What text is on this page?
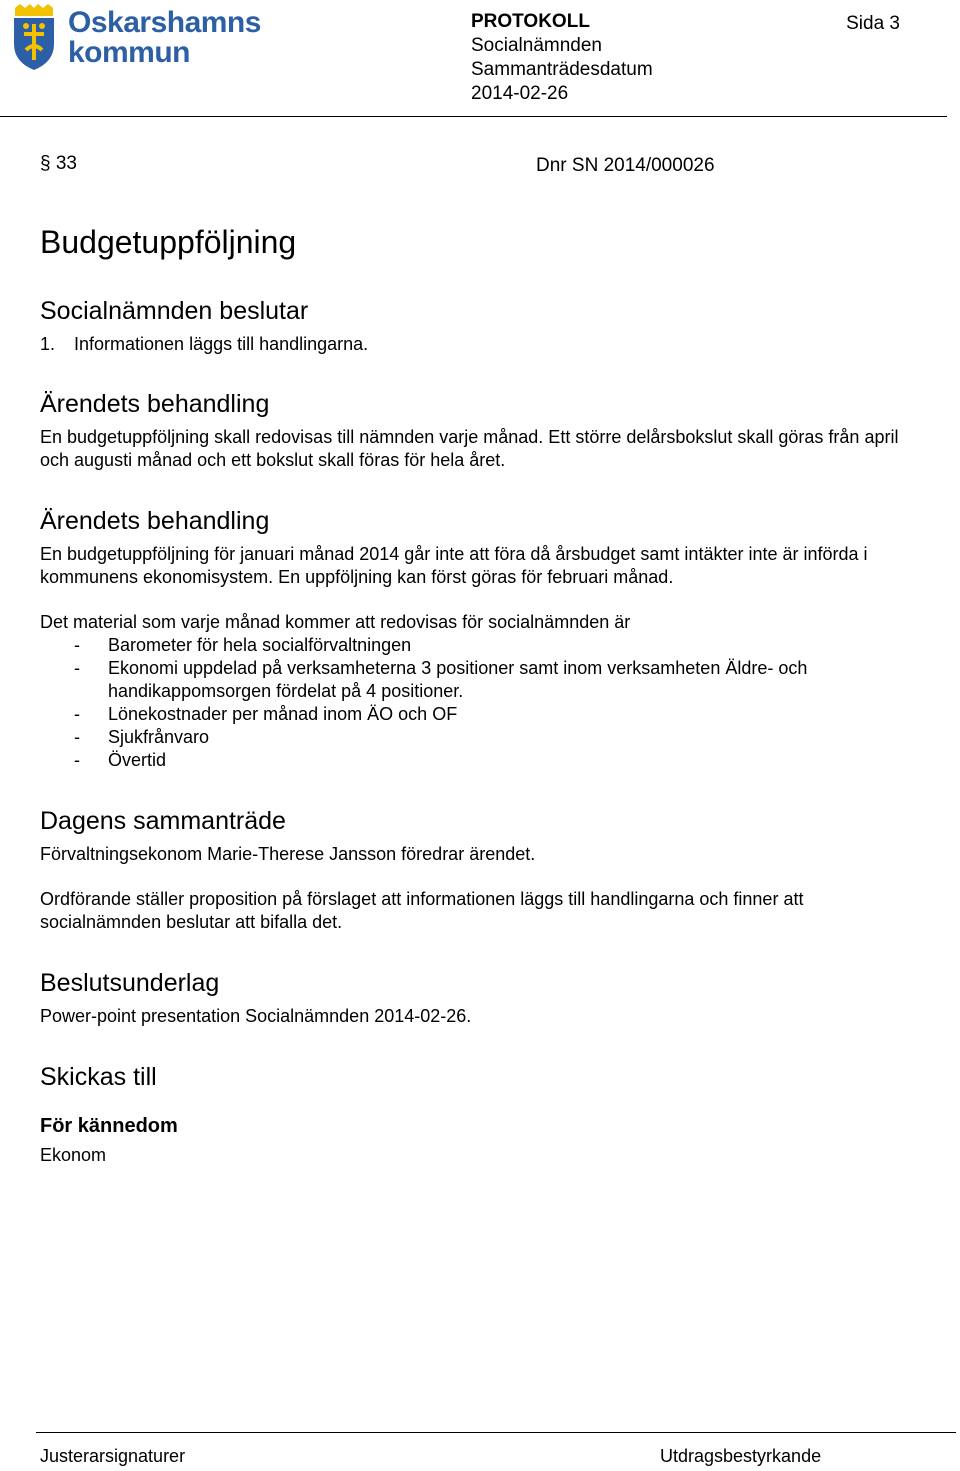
Oskarshamns
kommun
PROTOKOLL
Socialnämnden
Sammanträdesdatum
2014-02-26
Sida 3
§ 33	Dnr SN 2014/000026
Budgetuppföljning
Socialnämnden beslutar
1.	Informationen läggs till handlingarna.
Ärendets behandling
En budgetuppföljning skall redovisas till nämnden varje månad. Ett större delårsbokslut skall göras från april och augusti månad och ett bokslut skall föras för hela året.
Ärendets behandling
En budgetuppföljning för januari månad 2014 går inte att föra då årsbudget samt intäkter inte är införda i kommunens ekonomisystem. En uppföljning kan först göras för februari månad.
Det material som varje månad kommer att redovisas för socialnämnden är
-	Barometer för hela socialförvaltningen
-	Ekonomi uppdelad på verksamheterna 3 positioner samt inom verksamheten Äldre- och handikappomsorgen fördelat på 4 positioner.
-	Lönekostnader per månad inom ÄO och OF
-	Sjukfrånvaro
-	Övertid
Dagens sammanträde
Förvaltningsekonom Marie-Therese Jansson föredrar ärendet.
Ordförande ställer proposition på förslaget att informationen läggs till handlingarna och finner att socialnämnden beslutar att bifalla det.
Beslutsunderlag
Power-point presentation Socialnämnden 2014-02-26.
Skickas till
För kännedom
Ekonom
Justerarsignaturer	Utdragsbestyrkande
